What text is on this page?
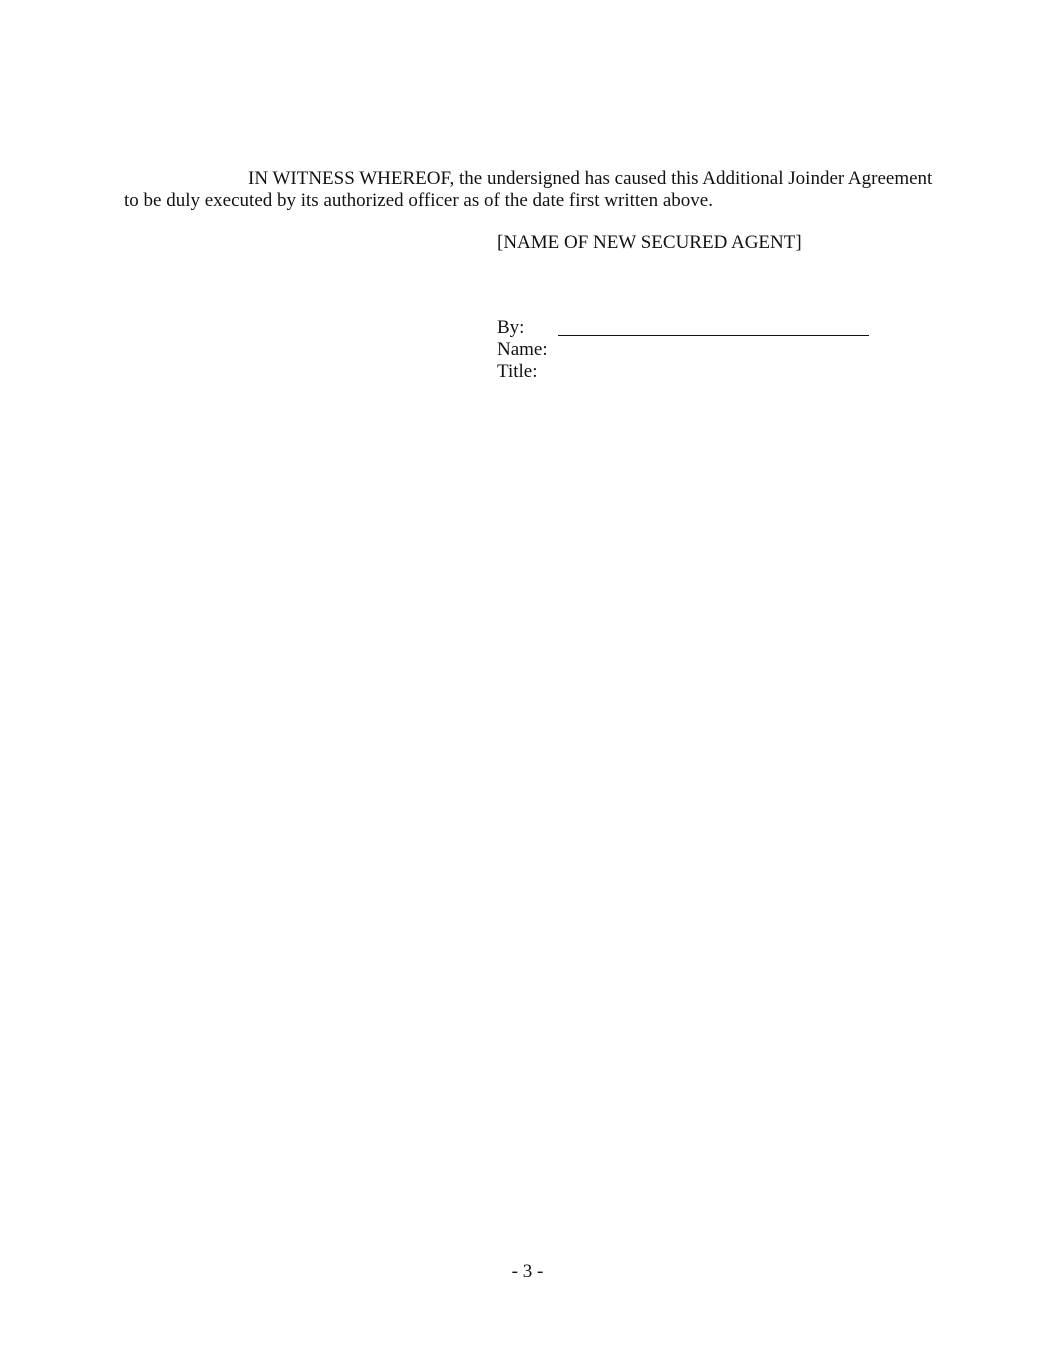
IN WITNESS WHEREOF, the undersigned has caused this Additional Joinder Agreement
to be duly executed by its authorized officer as of the date first written above.
[NAME OF NEW SECURED AGENT]
By:
Name:
Title:
- 3 -
